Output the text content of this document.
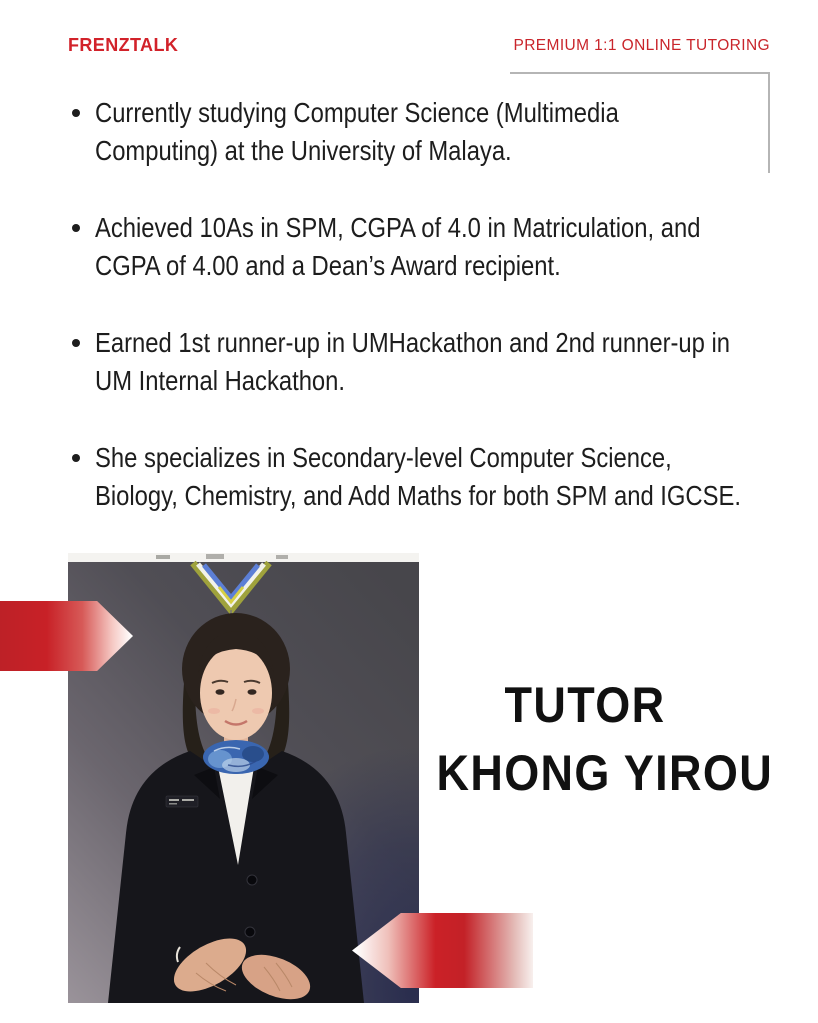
FRENZTALK	PREMIUM 1:1 ONLINE TUTORING
Currently studying Computer Science (Multimedia
Computing) at the University of Malaya.
Achieved 10As in SPM, CGPA of 4.0 in Matriculation, and
CGPA of 4.00 and a Dean’s Award recipient.
Earned 1st runner-up in UMHackathon and 2nd runner-up in
UM Internal Hackathon.
She specializes in Secondary-level Computer Science,
Biology, Chemistry, and Add Maths for both SPM and IGCSE.
TUTOR
KHONG YIROU
